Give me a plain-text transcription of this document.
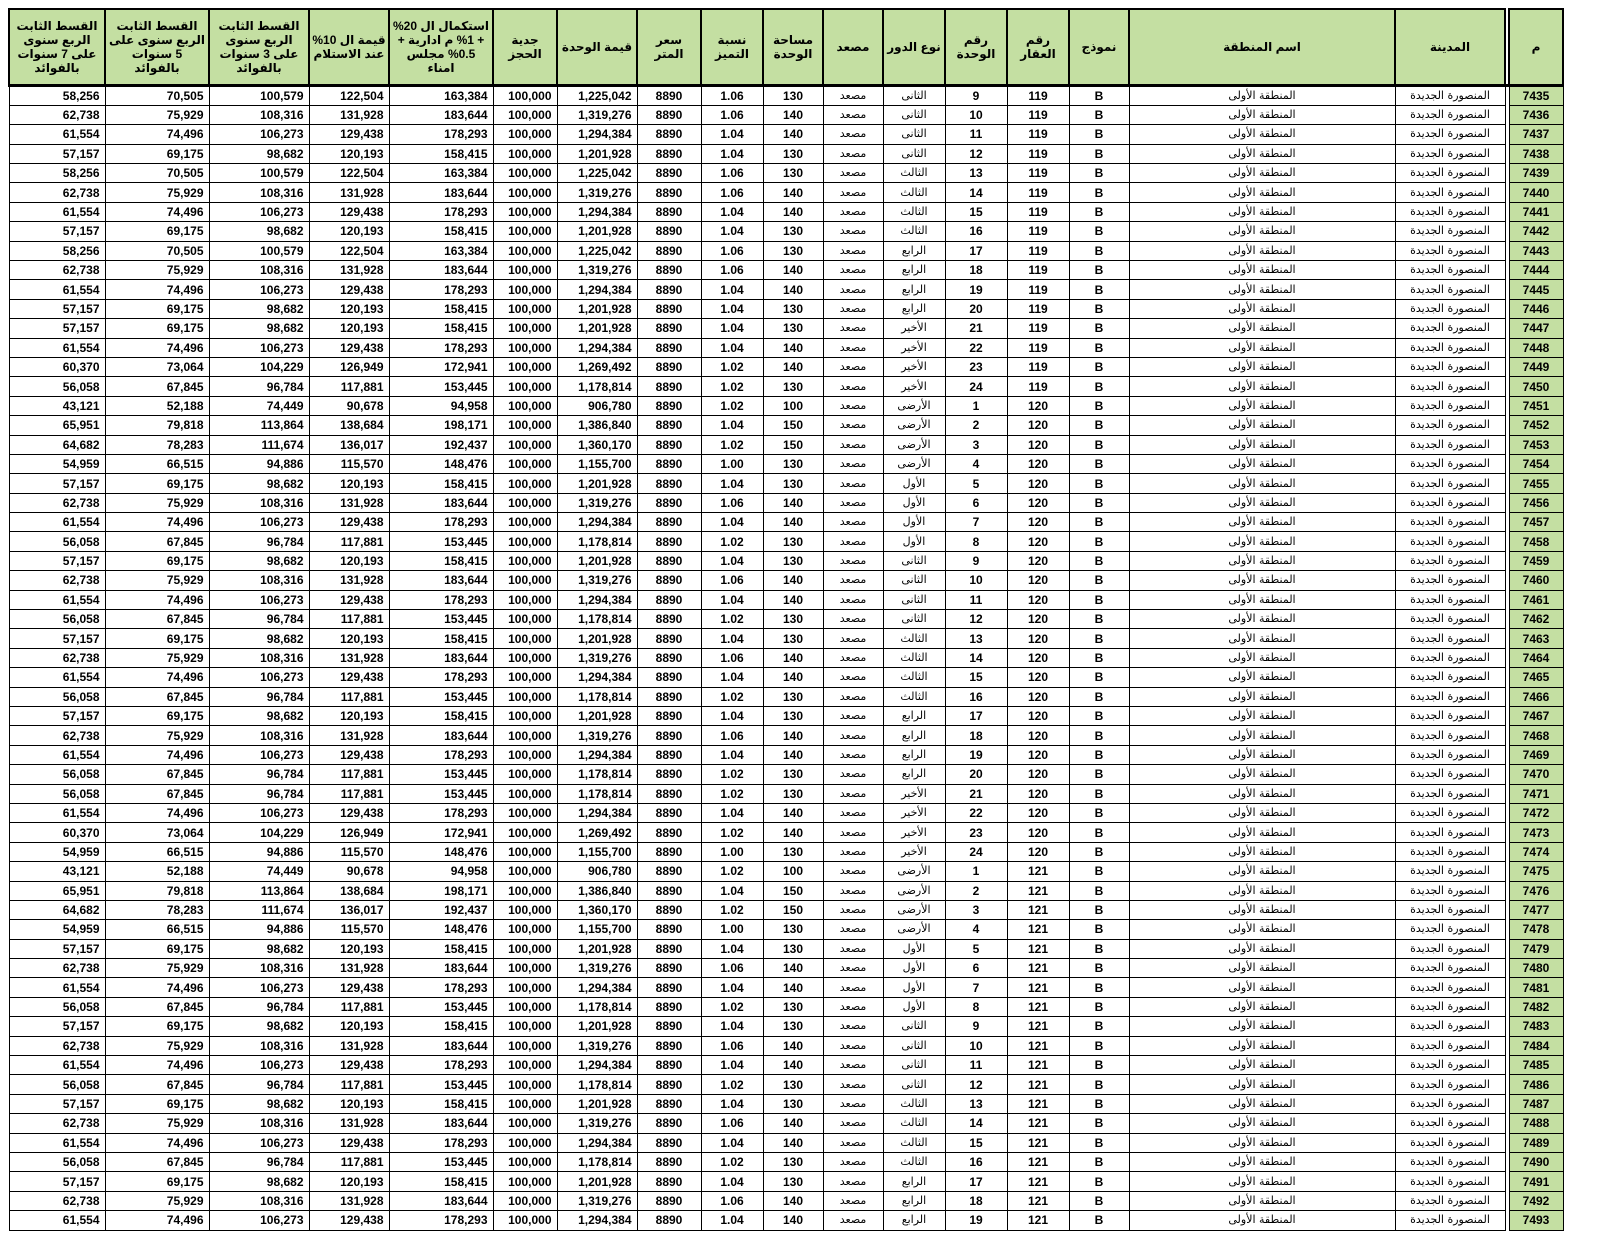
القسط الثابت الربع سنوى على 7 سنوات بالفوائد	القسط الثابت الربع سنوى على 5 سنوات بالفوائد	القسط الثابت الربع سنوى على 3 سنوات بالفوائد	قيمة ال 10% عند الاستلام	استكمال ال 20% + 1% م ادارية + 0.5% مجلس امناء	جدية الحجز	قيمة الوحدة	سعر المتر	نسبة التميز	مساحة الوحدة	مصعد	نوع الدور	رقم الوحدة	رقم العقار	نموذج	اسم المنطقة	المدينة		م
58,256	70,505	100,579	122,504	163,384	100,000	1,225,042	8890	1.06	130	مصعد	الثانى	9	119	B	المنطقة الأولى	المنصورة الجديدة		7435
62,738	75,929	108,316	131,928	183,644	100,000	1,319,276	8890	1.06	140	مصعد	الثانى	10	119	B	المنطقة الأولى	المنصورة الجديدة		7436
61,554	74,496	106,273	129,438	178,293	100,000	1,294,384	8890	1.04	140	مصعد	الثانى	11	119	B	المنطقة الأولى	المنصورة الجديدة		7437
57,157	69,175	98,682	120,193	158,415	100,000	1,201,928	8890	1.04	130	مصعد	الثانى	12	119	B	المنطقة الأولى	المنصورة الجديدة		7438
58,256	70,505	100,579	122,504	163,384	100,000	1,225,042	8890	1.06	130	مصعد	الثالث	13	119	B	المنطقة الأولى	المنصورة الجديدة		7439
62,738	75,929	108,316	131,928	183,644	100,000	1,319,276	8890	1.06	140	مصعد	الثالث	14	119	B	المنطقة الأولى	المنصورة الجديدة		7440
61,554	74,496	106,273	129,438	178,293	100,000	1,294,384	8890	1.04	140	مصعد	الثالث	15	119	B	المنطقة الأولى	المنصورة الجديدة		7441
57,157	69,175	98,682	120,193	158,415	100,000	1,201,928	8890	1.04	130	مصعد	الثالث	16	119	B	المنطقة الأولى	المنصورة الجديدة		7442
58,256	70,505	100,579	122,504	163,384	100,000	1,225,042	8890	1.06	130	مصعد	الرابع	17	119	B	المنطقة الأولى	المنصورة الجديدة		7443
62,738	75,929	108,316	131,928	183,644	100,000	1,319,276	8890	1.06	140	مصعد	الرابع	18	119	B	المنطقة الأولى	المنصورة الجديدة		7444
61,554	74,496	106,273	129,438	178,293	100,000	1,294,384	8890	1.04	140	مصعد	الرابع	19	119	B	المنطقة الأولى	المنصورة الجديدة		7445
57,157	69,175	98,682	120,193	158,415	100,000	1,201,928	8890	1.04	130	مصعد	الرابع	20	119	B	المنطقة الأولى	المنصورة الجديدة		7446
57,157	69,175	98,682	120,193	158,415	100,000	1,201,928	8890	1.04	130	مصعد	الأخير	21	119	B	المنطقة الأولى	المنصورة الجديدة		7447
61,554	74,496	106,273	129,438	178,293	100,000	1,294,384	8890	1.04	140	مصعد	الأخير	22	119	B	المنطقة الأولى	المنصورة الجديدة		7448
60,370	73,064	104,229	126,949	172,941	100,000	1,269,492	8890	1.02	140	مصعد	الأخير	23	119	B	المنطقة الأولى	المنصورة الجديدة		7449
56,058	67,845	96,784	117,881	153,445	100,000	1,178,814	8890	1.02	130	مصعد	الأخير	24	119	B	المنطقة الأولى	المنصورة الجديدة		7450
43,121	52,188	74,449	90,678	94,958	100,000	906,780	8890	1.02	100	مصعد	الأرضى	1	120	B	المنطقة الأولى	المنصورة الجديدة		7451
65,951	79,818	113,864	138,684	198,171	100,000	1,386,840	8890	1.04	150	مصعد	الأرضى	2	120	B	المنطقة الأولى	المنصورة الجديدة		7452
64,682	78,283	111,674	136,017	192,437	100,000	1,360,170	8890	1.02	150	مصعد	الأرضى	3	120	B	المنطقة الأولى	المنصورة الجديدة		7453
54,959	66,515	94,886	115,570	148,476	100,000	1,155,700	8890	1.00	130	مصعد	الأرضى	4	120	B	المنطقة الأولى	المنصورة الجديدة		7454
57,157	69,175	98,682	120,193	158,415	100,000	1,201,928	8890	1.04	130	مصعد	الأول	5	120	B	المنطقة الأولى	المنصورة الجديدة		7455
62,738	75,929	108,316	131,928	183,644	100,000	1,319,276	8890	1.06	140	مصعد	الأول	6	120	B	المنطقة الأولى	المنصورة الجديدة		7456
61,554	74,496	106,273	129,438	178,293	100,000	1,294,384	8890	1.04	140	مصعد	الأول	7	120	B	المنطقة الأولى	المنصورة الجديدة		7457
56,058	67,845	96,784	117,881	153,445	100,000	1,178,814	8890	1.02	130	مصعد	الأول	8	120	B	المنطقة الأولى	المنصورة الجديدة		7458
57,157	69,175	98,682	120,193	158,415	100,000	1,201,928	8890	1.04	130	مصعد	الثانى	9	120	B	المنطقة الأولى	المنصورة الجديدة		7459
62,738	75,929	108,316	131,928	183,644	100,000	1,319,276	8890	1.06	140	مصعد	الثانى	10	120	B	المنطقة الأولى	المنصورة الجديدة		7460
61,554	74,496	106,273	129,438	178,293	100,000	1,294,384	8890	1.04	140	مصعد	الثانى	11	120	B	المنطقة الأولى	المنصورة الجديدة		7461
56,058	67,845	96,784	117,881	153,445	100,000	1,178,814	8890	1.02	130	مصعد	الثانى	12	120	B	المنطقة الأولى	المنصورة الجديدة		7462
57,157	69,175	98,682	120,193	158,415	100,000	1,201,928	8890	1.04	130	مصعد	الثالث	13	120	B	المنطقة الأولى	المنصورة الجديدة		7463
62,738	75,929	108,316	131,928	183,644	100,000	1,319,276	8890	1.06	140	مصعد	الثالث	14	120	B	المنطقة الأولى	المنصورة الجديدة		7464
61,554	74,496	106,273	129,438	178,293	100,000	1,294,384	8890	1.04	140	مصعد	الثالث	15	120	B	المنطقة الأولى	المنصورة الجديدة		7465
56,058	67,845	96,784	117,881	153,445	100,000	1,178,814	8890	1.02	130	مصعد	الثالث	16	120	B	المنطقة الأولى	المنصورة الجديدة		7466
57,157	69,175	98,682	120,193	158,415	100,000	1,201,928	8890	1.04	130	مصعد	الرابع	17	120	B	المنطقة الأولى	المنصورة الجديدة		7467
62,738	75,929	108,316	131,928	183,644	100,000	1,319,276	8890	1.06	140	مصعد	الرابع	18	120	B	المنطقة الأولى	المنصورة الجديدة		7468
61,554	74,496	106,273	129,438	178,293	100,000	1,294,384	8890	1.04	140	مصعد	الرابع	19	120	B	المنطقة الأولى	المنصورة الجديدة		7469
56,058	67,845	96,784	117,881	153,445	100,000	1,178,814	8890	1.02	130	مصعد	الرابع	20	120	B	المنطقة الأولى	المنصورة الجديدة		7470
56,058	67,845	96,784	117,881	153,445	100,000	1,178,814	8890	1.02	130	مصعد	الأخير	21	120	B	المنطقة الأولى	المنصورة الجديدة		7471
61,554	74,496	106,273	129,438	178,293	100,000	1,294,384	8890	1.04	140	مصعد	الأخير	22	120	B	المنطقة الأولى	المنصورة الجديدة		7472
60,370	73,064	104,229	126,949	172,941	100,000	1,269,492	8890	1.02	140	مصعد	الأخير	23	120	B	المنطقة الأولى	المنصورة الجديدة		7473
54,959	66,515	94,886	115,570	148,476	100,000	1,155,700	8890	1.00	130	مصعد	الأخير	24	120	B	المنطقة الأولى	المنصورة الجديدة		7474
43,121	52,188	74,449	90,678	94,958	100,000	906,780	8890	1.02	100	مصعد	الأرضى	1	121	B	المنطقة الأولى	المنصورة الجديدة		7475
65,951	79,818	113,864	138,684	198,171	100,000	1,386,840	8890	1.04	150	مصعد	الأرضى	2	121	B	المنطقة الأولى	المنصورة الجديدة		7476
64,682	78,283	111,674	136,017	192,437	100,000	1,360,170	8890	1.02	150	مصعد	الأرضى	3	121	B	المنطقة الأولى	المنصورة الجديدة		7477
54,959	66,515	94,886	115,570	148,476	100,000	1,155,700	8890	1.00	130	مصعد	الأرضى	4	121	B	المنطقة الأولى	المنصورة الجديدة		7478
57,157	69,175	98,682	120,193	158,415	100,000	1,201,928	8890	1.04	130	مصعد	الأول	5	121	B	المنطقة الأولى	المنصورة الجديدة		7479
62,738	75,929	108,316	131,928	183,644	100,000	1,319,276	8890	1.06	140	مصعد	الأول	6	121	B	المنطقة الأولى	المنصورة الجديدة		7480
61,554	74,496	106,273	129,438	178,293	100,000	1,294,384	8890	1.04	140	مصعد	الأول	7	121	B	المنطقة الأولى	المنصورة الجديدة		7481
56,058	67,845	96,784	117,881	153,445	100,000	1,178,814	8890	1.02	130	مصعد	الأول	8	121	B	المنطقة الأولى	المنصورة الجديدة		7482
57,157	69,175	98,682	120,193	158,415	100,000	1,201,928	8890	1.04	130	مصعد	الثانى	9	121	B	المنطقة الأولى	المنصورة الجديدة		7483
62,738	75,929	108,316	131,928	183,644	100,000	1,319,276	8890	1.06	140	مصعد	الثانى	10	121	B	المنطقة الأولى	المنصورة الجديدة		7484
61,554	74,496	106,273	129,438	178,293	100,000	1,294,384	8890	1.04	140	مصعد	الثانى	11	121	B	المنطقة الأولى	المنصورة الجديدة		7485
56,058	67,845	96,784	117,881	153,445	100,000	1,178,814	8890	1.02	130	مصعد	الثانى	12	121	B	المنطقة الأولى	المنصورة الجديدة		7486
57,157	69,175	98,682	120,193	158,415	100,000	1,201,928	8890	1.04	130	مصعد	الثالث	13	121	B	المنطقة الأولى	المنصورة الجديدة		7487
62,738	75,929	108,316	131,928	183,644	100,000	1,319,276	8890	1.06	140	مصعد	الثالث	14	121	B	المنطقة الأولى	المنصورة الجديدة		7488
61,554	74,496	106,273	129,438	178,293	100,000	1,294,384	8890	1.04	140	مصعد	الثالث	15	121	B	المنطقة الأولى	المنصورة الجديدة		7489
56,058	67,845	96,784	117,881	153,445	100,000	1,178,814	8890	1.02	130	مصعد	الثالث	16	121	B	المنطقة الأولى	المنصورة الجديدة		7490
57,157	69,175	98,682	120,193	158,415	100,000	1,201,928	8890	1.04	130	مصعد	الرابع	17	121	B	المنطقة الأولى	المنصورة الجديدة		7491
62,738	75,929	108,316	131,928	183,644	100,000	1,319,276	8890	1.06	140	مصعد	الرابع	18	121	B	المنطقة الأولى	المنصورة الجديدة		7492
61,554	74,496	106,273	129,438	178,293	100,000	1,294,384	8890	1.04	140	مصعد	الرابع	19	121	B	المنطقة الأولى	المنصورة الجديدة		7493
